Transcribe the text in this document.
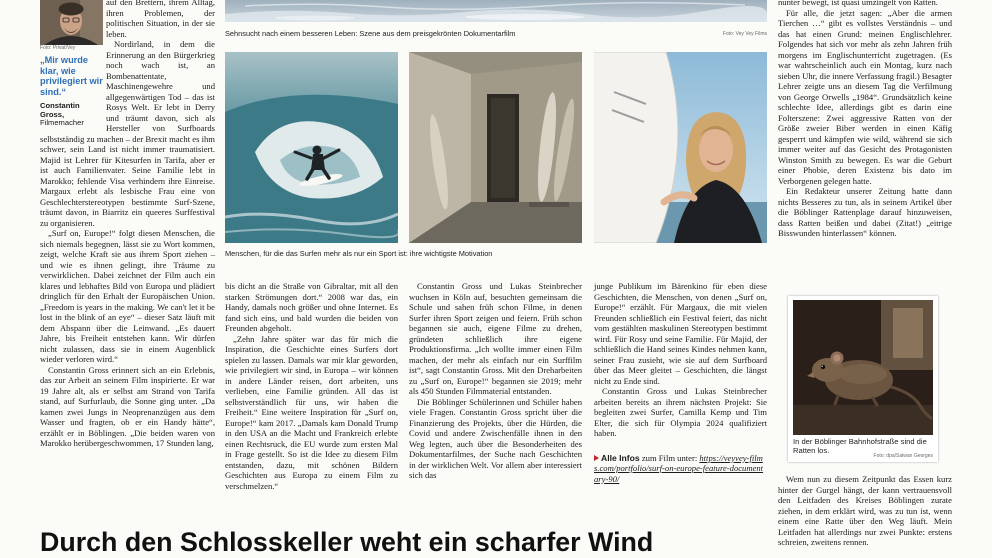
Foto: Privat/Vey
„Mir wurde klar, wie privilegiert wir sind.“
Constantin Gross,
Filmemacher

auf den Brettern, ihrem Alltag, ihren Problemen, der politischen Situation, in der sie leben.

Nordirland, in dem die Erinnerung an den Bürgerkrieg noch wach ist, an Bombenattentate, Maschinengewehre und allgegenwärtigen Tod – das ist Rosys Welt. Er lebt in Derry und träumt davon, sich als Hersteller von Surfboards selbstständig zu machen – der Brexit macht es ihm schwer, sein Land ist nicht immer traumatisiert. Majid ist Lehrer für Kitesurfen in Tarifa, aber er ist auch Familienvater. Seine Familie lebt in Marokko; fehlende Visa verhindern ihre Einreise. Margaux erlebt als lesbische Frau eine von Geschlechterstereotypen bestimmte Surf-Szene, träumt davon, in Biarritz ein queeres Surffestival zu organisieren.

„Surf on, Europe!“ folgt diesen Menschen, die sich niemals begegnen, lässt sie zu Wort kommen, zeigt, welche Kraft sie aus ihrem Sport ziehen – und wie es ihnen gelingt, ihre Träume zu verwirklichen. Dabei zeichnet der Film auch ein klares und lebhaftes Bild von Europa und plädiert dringlich für den Erhalt der Europäischen Union. „Freedom is years in the making. We can't let it be lost in the blink of an eye“ – dieser Satz läuft mit dem Abspann über die Leinwand. „Es dauert Jahre, bis Freiheit entstehen kann. Wir dürfen nicht zulassen, dass sie in einem Augenblick wieder verloren wird.“

Constantin Gross erinnert sich an ein Erlebnis, das zur Arbeit an seinem Film inspirierte. Er war 19 Jahre alt, als er selbst am Strand von Tarifa stand, auf Surfurlaub, die Sonne ging unter. „Da kamen zwei Jungs in Neoprenanzügen aus dem Wasser und fragten, ob er ein Handy hätte“, erzählt er in Böblingen. „Die beiden waren von Marokko herübergeschwommen, 17 Stunden lang,

Sehnsucht nach einem besseren Leben: Szene aus dem preisgekrönten Dokumentarfilm	Foto: Vey Vey Films
Menschen, für die das Surfen mehr als nur ein Sport ist: ihre wichtigste Motivation

bis dicht an die Straße von Gibraltar, mit all den starken Strömungen dort.“ 2008 war das, ein Handy, damals noch größer und ohne Internet. Es fand sich eins, und bald wurden die beiden von Freunden abgeholt.

„Zehn Jahre später war das für mich die Inspiration, die Geschichte eines Surfers dort spielen zu lassen. Damals war mir klar geworden, wie privilegiert wir sind, in Europa – wir können in andere Länder reisen, dort arbeiten, uns verlieben, eine Familie gründen. All das ist selbstverständlich für uns, wir haben die Freiheit.“ Eine weitere Inspiration für „Surf on, Europe!“ kam 2017. „Damals kam Donald Trump in den USA an die Macht und Frankreich erlebte einen Rechtsruck, die EU wurde zum ersten Mal in Frage gestellt. So ist die Idee zu diesem Film entstanden, dazu, mit schönen Bildern Geschichten aus Europa zu einem Film zu verschmelzen.“

Constantin Gross und Lukas Steinbrecher wuchsen in Köln auf, besuchten gemeinsam die Schule und sahen früh schon Filme, in denen Surfer ihren Sport zeigen und feiern. Früh schon begannen sie auch, eigene Filme zu drehen, gründeten schließlich ihre eigene Produktionsfirma. „Ich wollte immer einen Film machen, der mehr als einfach nur ein Surffilm ist“, sagt Constantin Gross. Mit den Dreharbeiten zu „Surf on, Europe!“ begannen sie 2019; mehr als 450 Stunden Filmmaterial entstanden.

Die Böblinger Schülerinnen und Schüler haben viele Fragen. Constantin Gross spricht über die Finanzierung des Projekts, über die Hürden, die Covid und andere Zwischenfälle ihnen in den Weg legten, auch über die Besonderheiten des Dokumentarfilmes, der Suche nach Geschichten in der wirklichen Welt. Vor allem aber interessiert sich das

junge Publikum im Bärenkino für eben diese Geschichten, die Menschen, von denen „Surf on, Europe!“ erzählt. Für Margaux, die mit vielen Freunden schließlich ein Festival feiert, das nicht vom gestählten maskulinen Stereotypen bestimmt wird. Für Rosy und seine Familie. Für Majid, der schließlich die Hand seines Kindes nehmen kann, seiner Frau zusieht, wie sie auf dem Surfboard über das Meer gleitet – Geschichten, die längst nicht zu Ende sind.

Constantin Gross und Lukas Steinbrecher arbeiten bereits an ihrem nächsten Projekt: Sie begleiten zwei Surfer, Camilla Kemp und Tim Elter, die sich für Olympia 2024 qualifiziert haben.

Alle Infos zum Film unter: https://veyvey-films.com/portfolio/surf-on-europe-feature-documentary-90/

nunter bewegt, ist quasi umzingelt von Ratten.

Für alle, die jetzt sagen: „Aber die armen Tierchen …“ gibt es vollstes Verständnis – und das hat einen Grund: meinen Englischlehrer. Folgendes hat sich vor mehr als zehn Jahren früh morgens im Englischunterricht zugetragen. (Es war wahrscheinlich auch ein Montag, kurz nach sieben Uhr, die innere Verfassung fragil.) Besagter Lehrer zeigte uns an diesem Tag die Verfilmung von George Orwells „1984“. Grundsätzlich keine schlechte Idee, allerdings gibt es darin eine Folterszene: Zwei aggressive Ratten von der Größe zweier Biber werden in einen Käfig gesperrt und kämpfen wie wild, während sie sich immer weiter auf das Gesicht des Protagonisten Winston Smith zu bewegen. Es war die Geburt einer Phobie, deren Existenz bis dato im Verborgenen gelegen hatte.

Ein Redakteur unserer Zeitung hatte dann nichts Besseres zu tun, als in seinem Artikel über die Böblinger Rattenplage darauf hinzuweisen, dass Ratten beißen und dabei (Zitat!) „eitrige Bisswunden hinterlassen“ können.

In der Böblinger Bahnhofstraße sind die Ratten los.
Foto: dpa/Salwan Georges

Wem nun zu diesem Zeitpunkt das Essen kurz hinter der Gurgel hängt, der kann vertrauensvoll den Leitfaden des Kreises Böblingen zurate ziehen, in dem erklärt wird, was zu tun ist, wenn einem eine Ratte über den Weg läuft. Mein Leitfaden hat allerdings nur zwei Punkte: erstens schreien, zweitens rennen.

Durch den Schlosskeller weht ein scharfer Wind
